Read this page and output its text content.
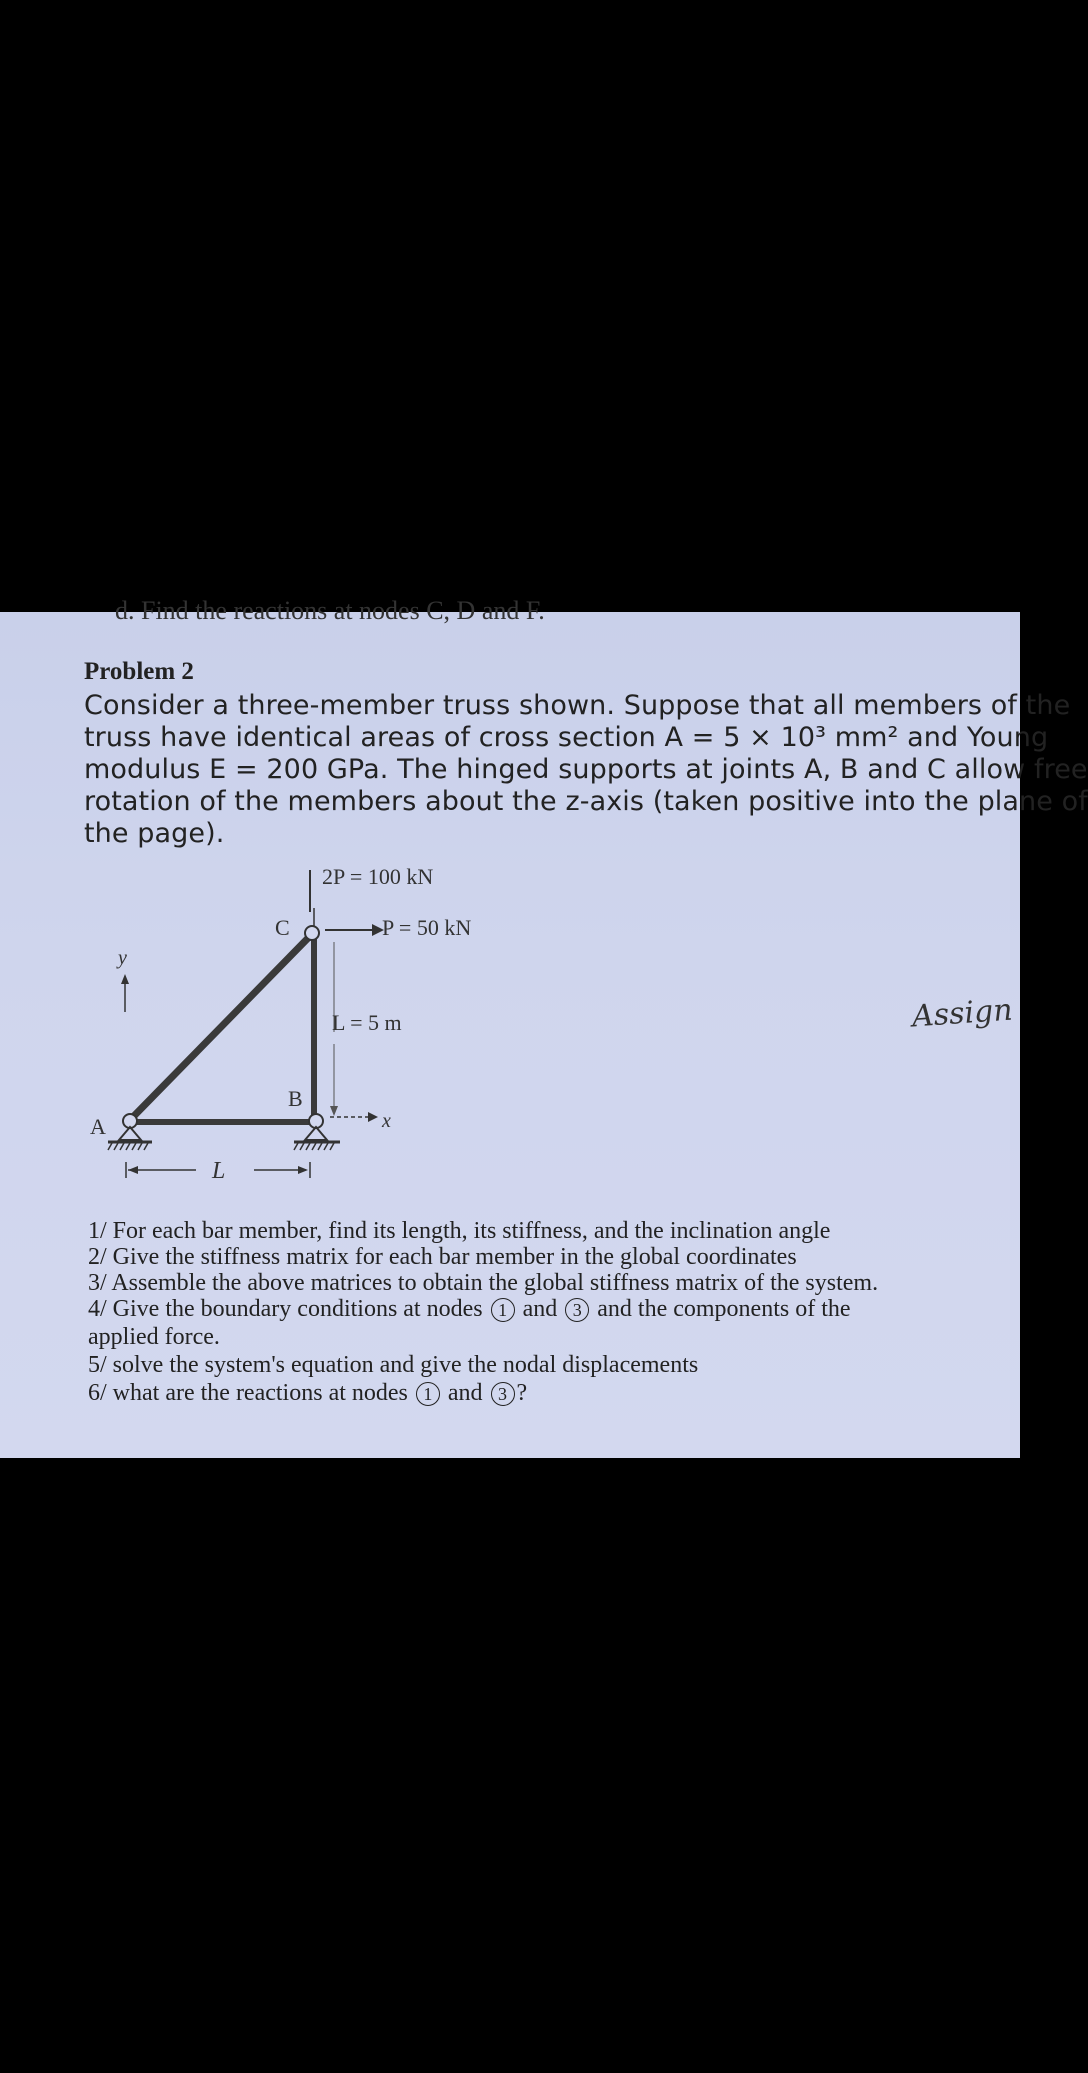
d. Find the reactions at nodes C, D and F.
Problem 2
Consider a three-member truss shown. Suppose that all members of the
truss have identical areas of cross section A = 5 × 10³ mm² and Young
modulus E = 200 GPa. The hinged supports at joints A, B and C allow free
rotation of the members about the z-axis (taken positive into the plane of
the page).
2P = 100 kN
P = 50 kN
C
A
B
y
x
L = 5 m
L
Assign
1/ For each bar member, find its length, its stiffness, and the inclination angle
2/ Give the stiffness matrix for each bar member in the global coordinates
3/ Assemble the above matrices to obtain the global stiffness matrix of the system.
4/ Give the boundary conditions at nodes 1 and 3 and the components of the
applied force.
5/ solve the system's equation and give the nodal displacements
6/ what are the reactions at nodes 1 and 3 ?
